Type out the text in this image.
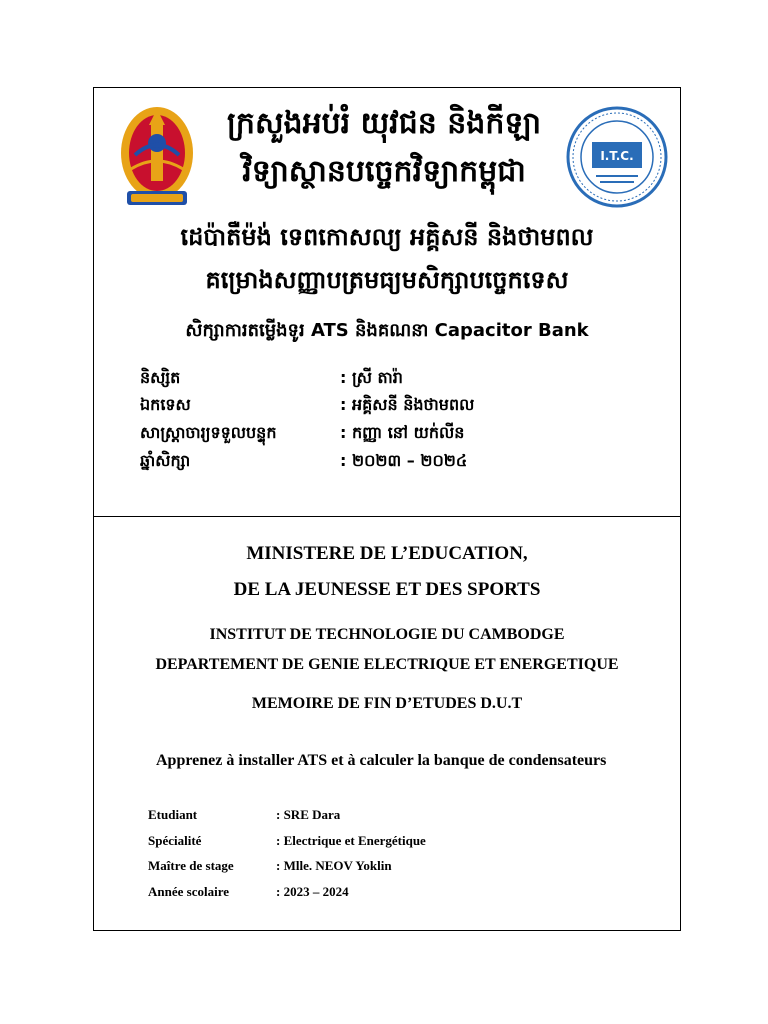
I.T.C.
ក្រសួងអប់រំ យុវជន និងកីឡា
វិទ្យាស្ថានបច្ចេកវិទ្យាកម្ពុជា
ដេប៉ាតឺម៉ង់ ទេពកោសល្យ អគ្គិសនី និងថាមពល
គម្រោងសញ្ញាបត្រមធ្យមសិក្សាបច្ចេកទេស
សិក្សាការតម្លើងទូរ ATS និងគណនា Capacitor Bank
និស្សិត	: ស្រី តារ៉ា
ឯកទេស	: អគ្គិសនី និងថាមពល
សាស្ត្រាចារ្យទទួលបន្ទុក	: កញ្ញា នៅ យក់លីន
ឆ្នាំសិក្សា	: ២០២៣ – ២០២៤
MINISTERE DE L’EDUCATION,
DE LA JEUNESSE ET DES SPORTS
INSTITUT DE TECHNOLOGIE DU CAMBODGE
DEPARTEMENT DE GENIE ELECTRIQUE ET ENERGETIQUE
MEMOIRE DE FIN D’ETUDES D.U.T
Apprenez à installer ATS et à calculer la banque de condensateurs
Etudiant	: SRE Dara
Spécialité	: Electrique et Energétique
Maître de stage	: Mlle. NEOV Yoklin
Année scolaire	: 2023 – 2024
